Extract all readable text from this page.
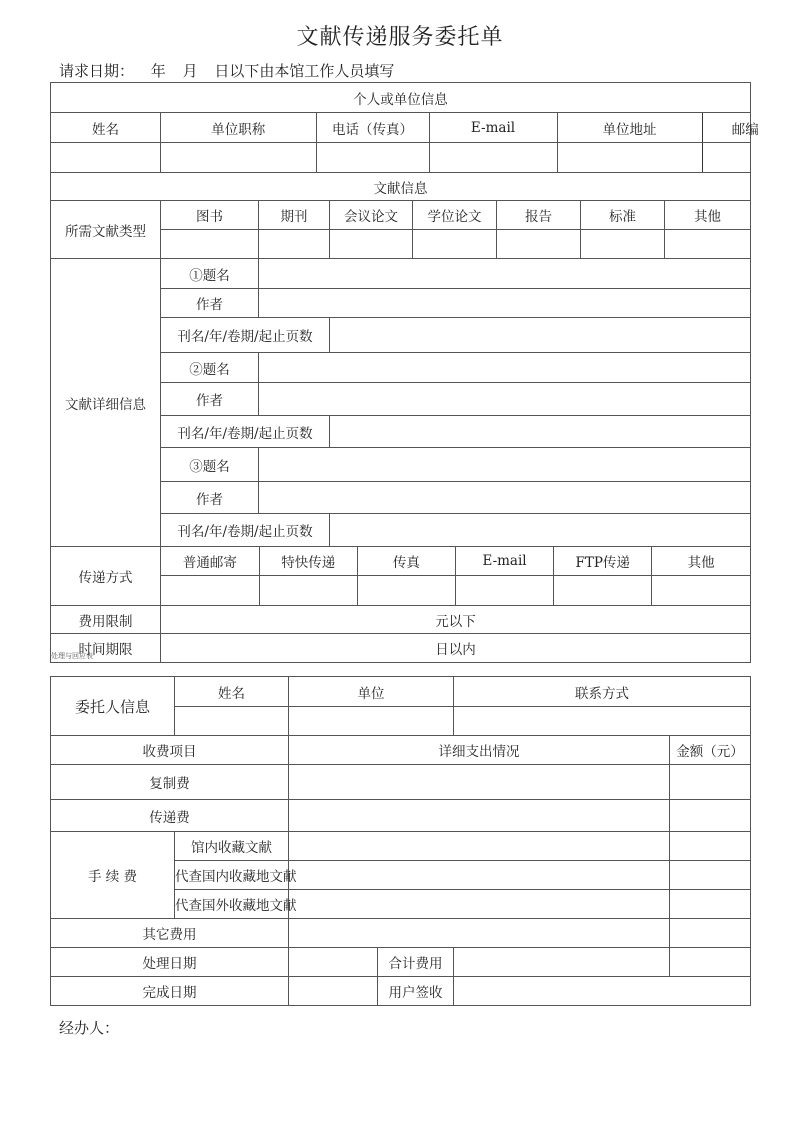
文献传递服务委托单
请求日期： 年 月 日以下由本馆工作人员填写
个人或单位信息
姓名		单位职称	电话（传真）	E-mail	单位地址	邮编

文献信息
所需文献类型	图书	期刊	会议论文	学位论文	报告	标准	其他

文献详细信息	①题名	
作者	
刊名/年/卷期/起止页数	
②题名	
作者	
刊名/年/卷期/起止页数	
③题名	
作者	
刊名/年/卷期/起止页数	
传递方式	
普通邮寄	特快传递	传真	E-mail	FTP传递	其他

费用限制	元以下
时间期限	日以内
处理与回应表
委托人信息	姓名	单位		联系方式	

收费项目		详细支出情况			金额（元）
复制费					
传递费					
手 续 费	馆内收藏文献				
	代查国内收藏地文献				
	代查国外收藏地文献				
其它费用					
处理日期			合计费用		
完成日期			用户签收		
经办人：
